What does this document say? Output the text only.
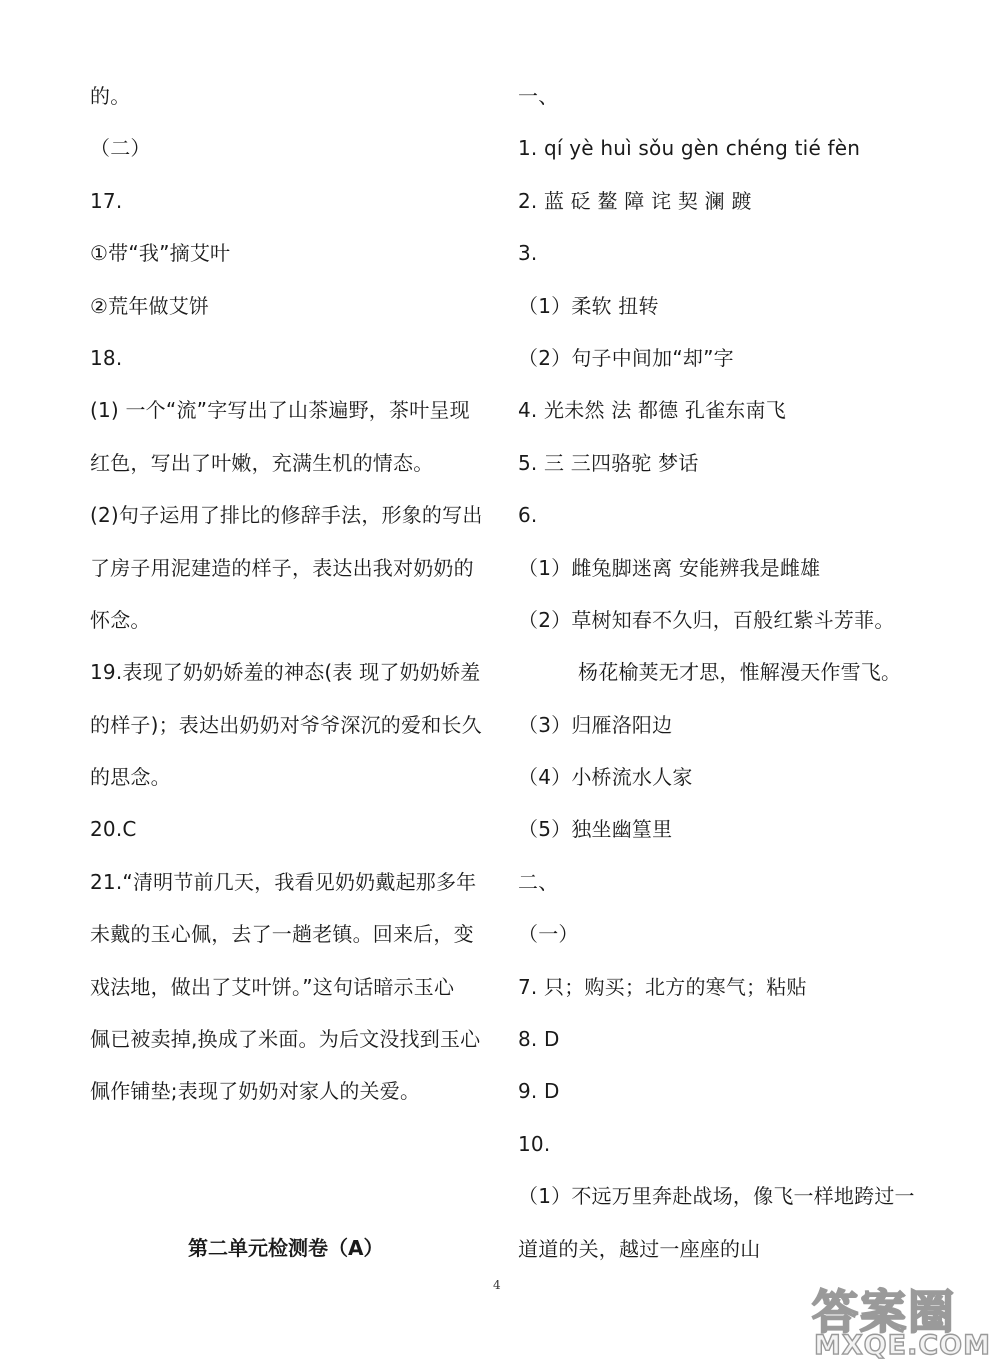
的。
（二）
17.
①带“我”摘艾叶
②荒年做艾饼
18.
(1) 一个“流”字写出了山茶遍野，茶叶呈现
红色，写出了叶嫩，充满生机的情态。
(2)句子运用了排比的修辞手法，形象的写出
了房子用泥建造的样子，表达出我对奶奶的
怀念。
19.表现了奶奶娇羞的神态(表 现了奶奶娇羞
的样子)；表达出奶奶对爷爷深沉的爱和长久
的思念。
20.C
21.“清明节前几天，我看见奶奶戴起那多年
未戴的玉心佩，去了一趟老镇。回来后，变
戏法地，做出了艾叶饼。”这句话暗示玉心
佩已被卖掉,换成了米面。为后文没找到玉心
佩作铺垫;表现了奶奶对家人的关爱。
第二单元检测卷（A）
一、
1. qí yè huì sǒu gèn chéng tié fèn
2. 蓝 砭 鳌 障 诧 契 澜 踱
3.
（1）柔软 扭转
（2）句子中间加“却”字
4. 光未然 法 都德 孔雀东南飞
5. 三 三四骆驼 梦话
6.
（1）雌兔脚迷离 安能辨我是雌雄
（2）草树知春不久归，百般红紫斗芳菲。
杨花榆荚无才思，惟解漫天作雪飞。
（3）归雁洛阳边
（4）小桥流水人家
（5）独坐幽篁里
二、
（一）
7. 只；购买；北方的寒气；粘贴
8. D
9. D
10.
（1）不远万里奔赴战场，像飞一样地跨过一
道道的关，越过一座座的山
4	答案圈
MXQE.COM
